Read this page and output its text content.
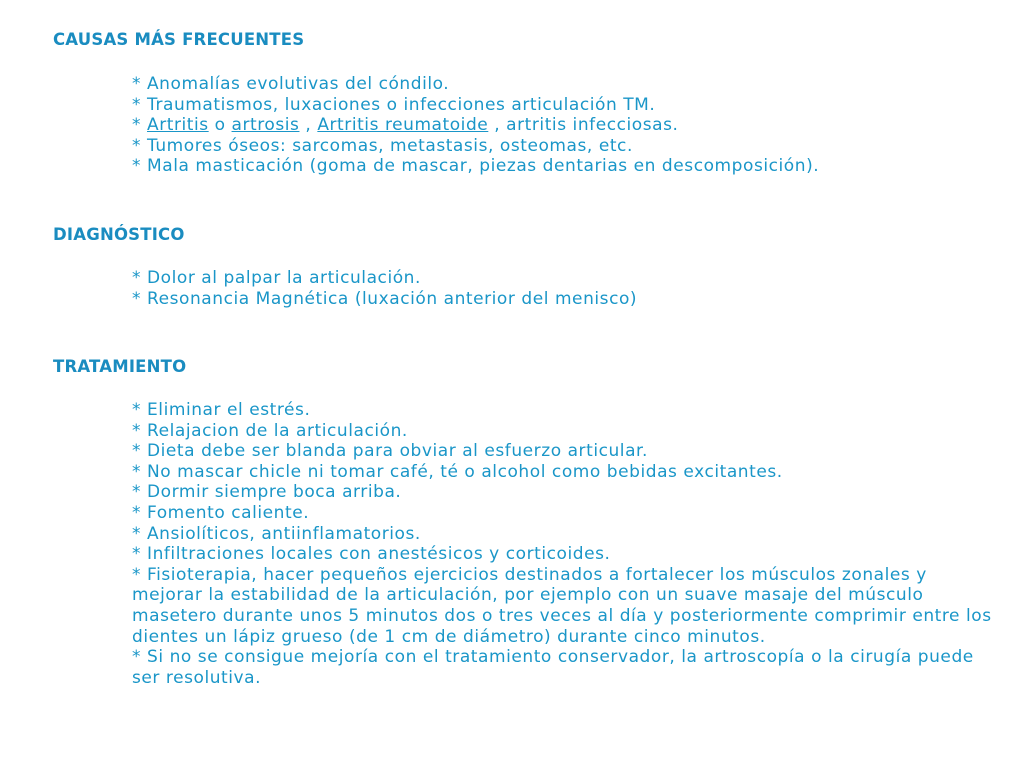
CAUSAS MÁS FRECUENTES
* Anomalías evolutivas del cóndilo.
* Traumatismos, luxaciones o infecciones articulación TM.
* Artritis o artrosis , Artritis reumatoide , artritis infecciosas.
* Tumores óseos: sarcomas, metastasis, osteomas, etc.
* Mala masticación (goma de mascar, piezas dentarias en descomposición).
DIAGNÓSTICO
* Dolor al palpar la articulación.
* Resonancia Magnética (luxación anterior del menisco)
TRATAMIENTO
* Eliminar el estrés.
* Relajacion de la articulación.
* Dieta debe ser blanda para obviar al esfuerzo articular.
* No mascar chicle ni tomar café, té o alcohol como bebidas excitantes.
* Dormir siempre boca arriba.
* Fomento caliente.
* Ansiolíticos, antiinflamatorios.
* Infiltraciones locales con anestésicos y corticoides.
* Fisioterapia, hacer pequeños ejercicios destinados a fortalecer los músculos zonales y mejorar la estabilidad de la articulación, por ejemplo con un suave masaje del músculo masetero durante unos 5 minutos dos o tres veces al día y posteriormente comprimir entre los dientes un lápiz grueso (de 1 cm de diámetro) durante cinco minutos.
* Si no se consigue mejoría con el tratamiento conservador, la artroscopía o la cirugía puede ser resolutiva.
